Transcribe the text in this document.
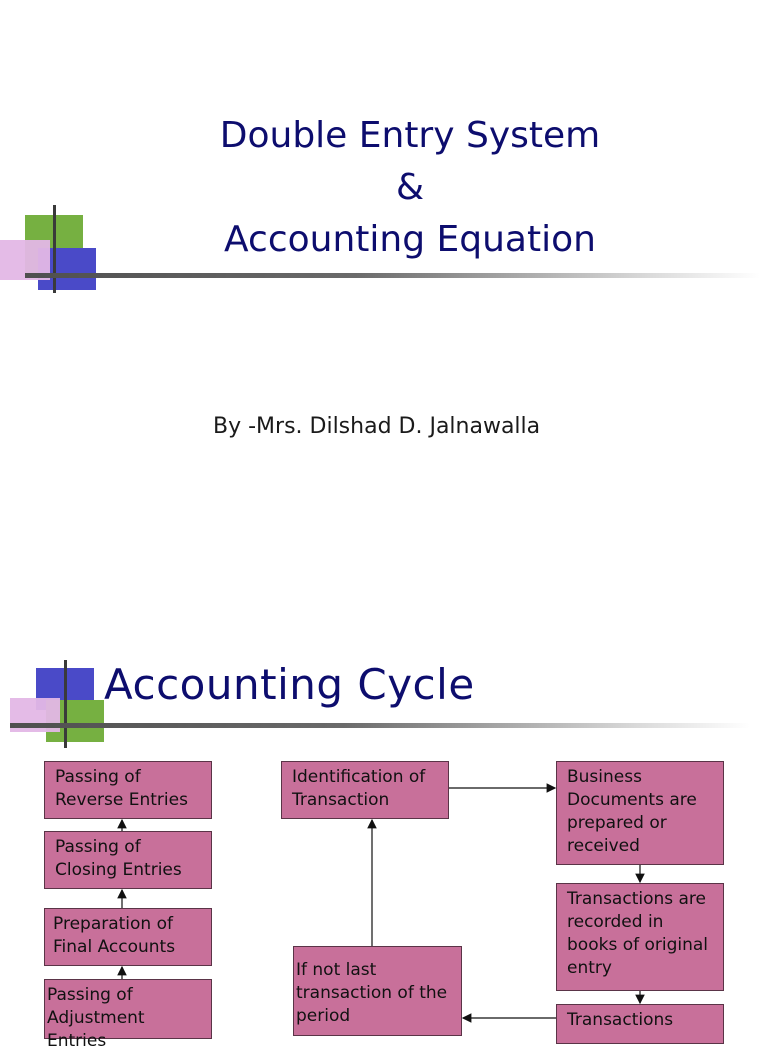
Double Entry System
&
Accounting Equation
By -Mrs. Dilshad D. Jalnawalla
Accounting Cycle
Passing of Reverse Entries
Passing of Closing Entries
Preparation of Final Accounts
Passing of Adjustment Entries
Identification of Transaction
Business Documents are prepared or received
Transactions are recorded in books of original entry
If not last transaction of the period	Transactions
